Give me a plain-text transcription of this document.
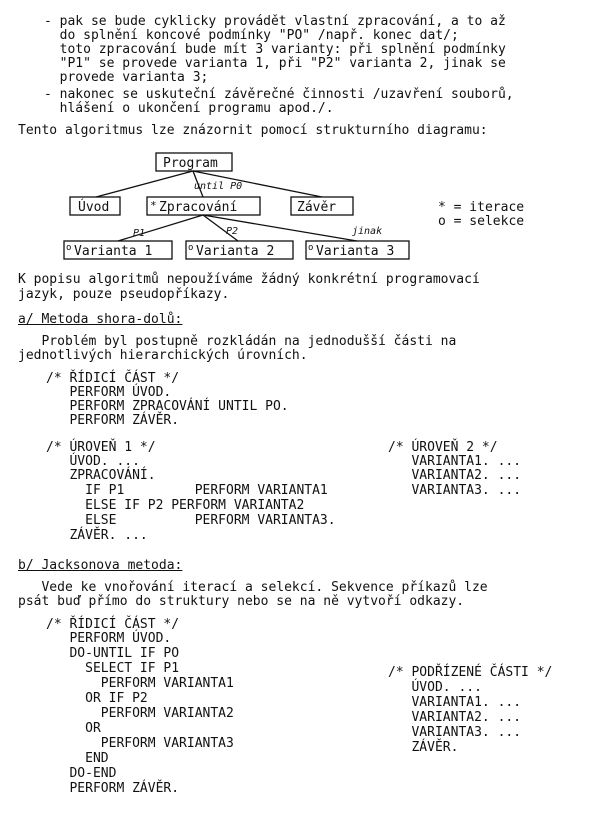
- pak se bude cyklicky provádět vlastní zpracování, a to až
do splnění koncové podmínky "PO" /např. konec dat/;
toto zpracování bude mít 3 varianty: při splnění podmínky
"P1" se provede varianta 1, při "P2" varianta 2, jinak se
provede varianta 3;
- nakonec se uskuteční závěrečné činnosti /uzavření souborů,
hlášení o ukončení programu apod./.
Tento algoritmus lze znázornit pomocí strukturního diagramu:
Program
Úvod	* Zpracování	Závěr
o Varianta 1	o Varianta 2	o Varianta 3
until P0
P1	P2	jinak
* = iterace
o = selekce
K popisu algoritmů nepoužíváme žádný konkrétní programovací
jazyk, pouze pseudopříkazy.
a/ Metoda shora-dolů:
Problém byl postupně rozkládán na jednodušší části na
jednotlivých hierarchických úrovních.
/* ŘÍDICÍ ČÁST */
PERFORM ÚVOD.
PERFORM ZPRACOVÁNÍ UNTIL PO.
PERFORM ZÁVĚR.
/* ÚROVEŇ 1 */
ÚVOD. ...
ZPRACOVÁNÍ.
IF P1         PERFORM VARIANTA1
ELSE IF P2 PERFORM VARIANTA2
ELSE          PERFORM VARIANTA3.
ZÁVĚR. ...
/* ÚROVEŇ 2 */
VARIANTA1. ...
VARIANTA2. ...
VARIANTA3. ...
b/ Jacksonova metoda:
Vede ke vnořování iterací a selekcí. Sekvence příkazů lze
psát buď přímo do struktury nebo se na ně vytvoří odkazy.
/* ŘÍDICÍ ČÁST */
PERFORM ÚVOD.
DO-UNTIL IF PO
SELECT IF P1
PERFORM VARIANTA1
OR IF P2
PERFORM VARIANTA2
OR
PERFORM VARIANTA3
END
DO-END
PERFORM ZÁVĚR.
/* PODŘÍZENÉ ČÁSTI */
ÚVOD. ...
VARIANTA1. ...
VARIANTA2. ...
VARIANTA3. ...
ZÁVĚR.
